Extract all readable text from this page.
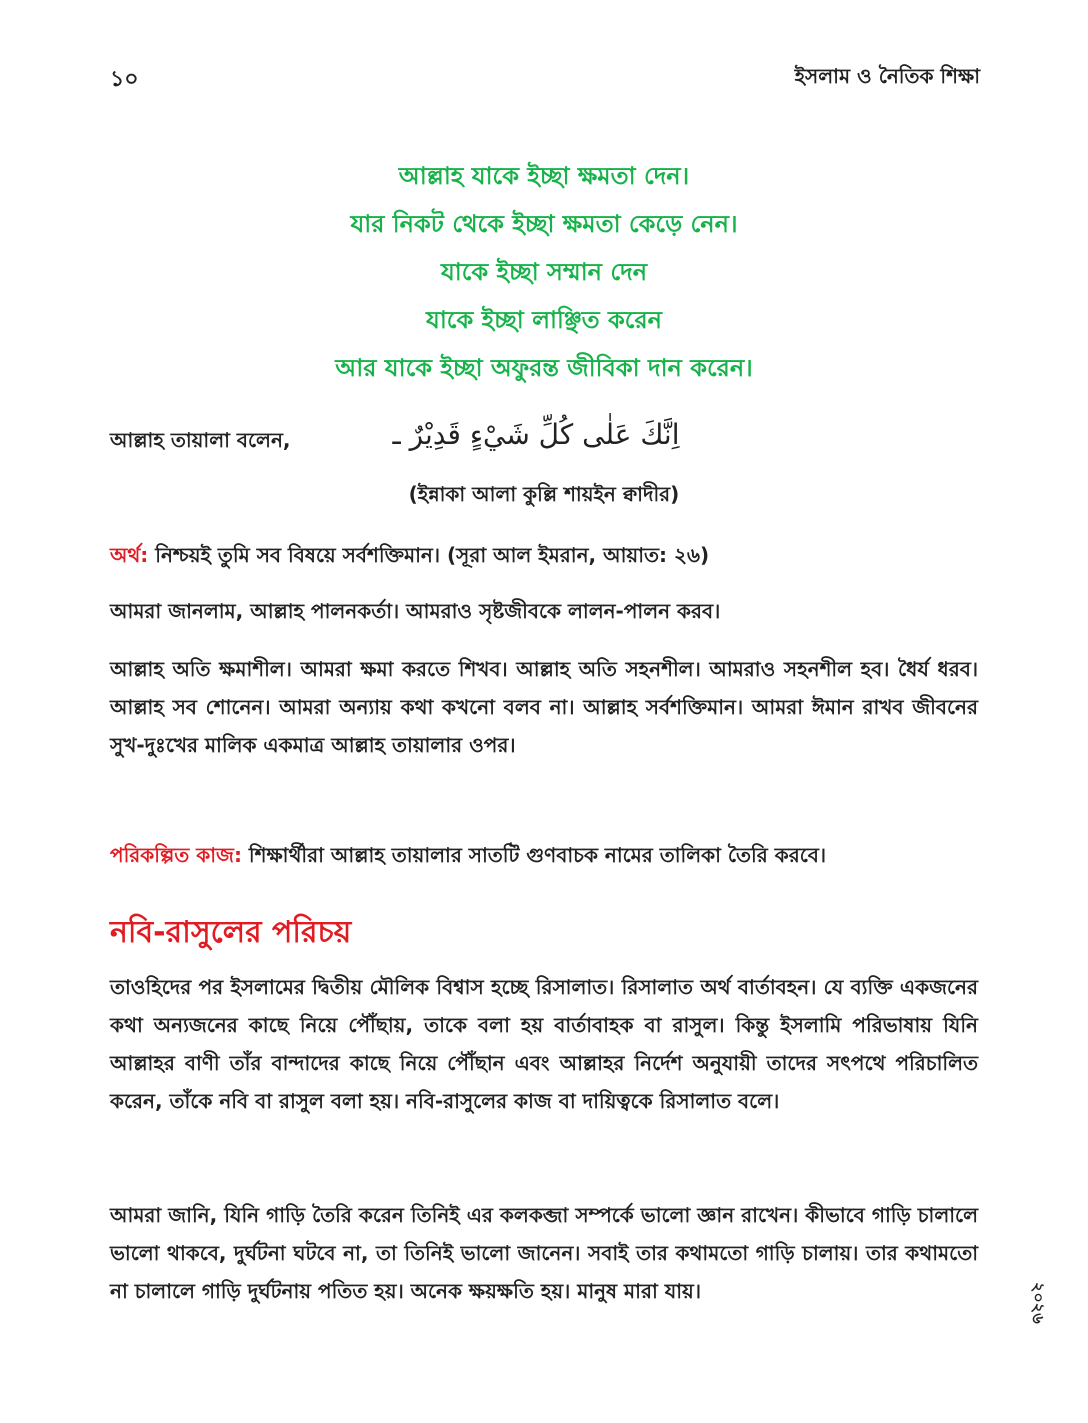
১০	ইসলাম ও নৈতিক শিক্ষা
আল্লাহ যাকে ইচ্ছা ক্ষমতা দেন।
যার নিকট থেকে ইচ্ছা ক্ষমতা কেড়ে নেন।
যাকে ইচ্ছা সম্মান দেন
যাকে ইচ্ছা লাঞ্ছিত করেন
আর যাকে ইচ্ছা অফুরন্ত জীবিকা দান করেন।
আল্লাহ তায়ালা বলেন,	اِنَّكَ عَلٰى كُلِّ شَيْءٍ قَدِيْرٌ ـ
(ইন্নাকা আলা কুল্লি শায়ইন ক্বাদীর)
অর্থ: নিশ্চয়ই তুমি সব বিষয়ে সর্বশক্তিমান। (সূরা আল ইমরান, আয়াত: ২৬)
আমরা জানলাম, আল্লাহ পালনকর্তা। আমরাও সৃষ্টজীবকে লালন-পালন করব।
আল্লাহ অতি ক্ষমাশীল। আমরা ক্ষমা করতে শিখব। আল্লাহ অতি সহনশীল। আমরাও সহনশীল হব। ধৈর্য ধরব। আল্লাহ সব শোনেন। আমরা অন্যায় কথা কখনো বলব না। আল্লাহ সর্বশক্তিমান। আমরা ঈমান রাখব জীবনের সুখ-দুঃখের মালিক একমাত্র আল্লাহ তায়ালার ওপর।
পরিকল্পিত কাজ: শিক্ষার্থীরা আল্লাহ তায়ালার সাতটি গুণবাচক নামের তালিকা তৈরি করবে।
নবি-রাসুলের পরিচয়
তাওহিদের পর ইসলামের দ্বিতীয় মৌলিক বিশ্বাস হচ্ছে রিসালাত। রিসালাত অর্থ বার্তাবহন। যে ব্যক্তি একজনের কথা অন্যজনের কাছে নিয়ে পৌঁছায়, তাকে বলা হয় বার্তাবাহক বা রাসুল। কিন্তু ইসলামি পরিভাষায় যিনি আল্লাহর বাণী তাঁর বান্দাদের কাছে নিয়ে পৌঁছান এবং আল্লাহর নির্দেশ অনুযায়ী তাদের সৎপথে পরিচালিত করেন, তাঁকে নবি বা রাসুল বলা হয়। নবি-রাসুলের কাজ বা দায়িত্বকে রিসালাত বলে।
আমরা জানি, যিনি গাড়ি তৈরি করেন তিনিই এর কলকব্জা সম্পর্কে ভালো জ্ঞান রাখেন। কীভাবে গাড়ি চালালে ভালো থাকবে, দুর্ঘটনা ঘটবে না, তা তিনিই ভালো জানেন। সবাই তার কথামতো গাড়ি চালায়। তার কথামতো না চালালে গাড়ি দুর্ঘটনায় পতিত হয়। অনেক ক্ষয়ক্ষতি হয়। মানুষ মারা যায়।	২০২৬
